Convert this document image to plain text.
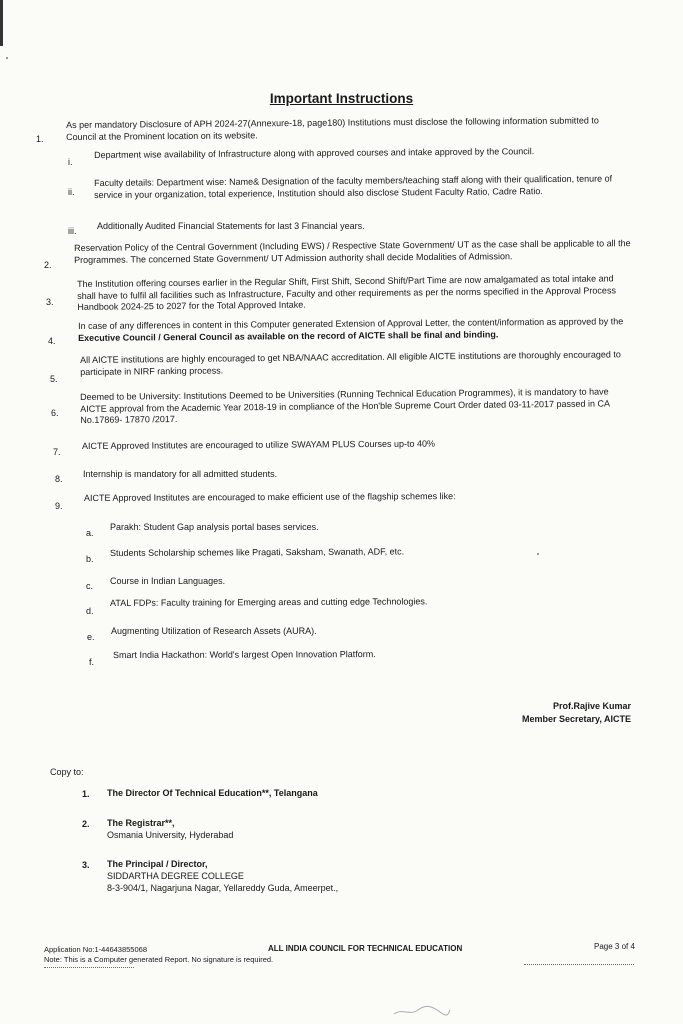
Important Instructions
1.
As per mandatory Disclosure of APH 2024-27(Annexure-18, page180) Institutions must disclose the following information submitted to Council at the Prominent location on its website.
i.
Department wise availability of Infrastructure along with approved courses and intake approved by the Council.
ii.
Faculty details: Department wise: Name& Designation of the faculty members/teaching staff along with their qualification, tenure of service in your organization, total experience, Institution should also disclose Student Faculty Ratio, Cadre Ratio.
iii. Additionally Audited Financial Statements for last 3 Financial years.
2.
Reservation Policy of the Central Government (Including EWS) / Respective State Government/ UT as the case shall be applicable to all the Programmes. The concerned State Government/ UT Admission authority shall decide Modalities of Admission.
3.
The Institution offering courses earlier in the Regular Shift, First Shift, Second Shift/Part Time are now amalgamated as total intake and shall have to fulfil all facilities such as Infrastructure, Faculty and other requirements as per the norms specified in the Approval Process Handbook 2024-25 to 2027 for the Total Approved Intake.
4.
In case of any differences in content in this Computer generated Extension of Approval Letter, the content/information as approved by the Executive Council / General Council as available on the record of AICTE shall be final and binding.
5.
All AICTE institutions are highly encouraged to get NBA/NAAC accreditation. All eligible AICTE institutions are thoroughly encouraged to participate in NIRF ranking process.
6.
Deemed to be University: Institutions Deemed to be Universities (Running Technical Education Programmes), it is mandatory to have AICTE approval from the Academic Year 2018-19 in compliance of the Hon'ble Supreme Court Order dated 03-11-2017 passed in CA No.17869- 17870 /2017.
7.
AICTE Approved Institutes are encouraged to utilize SWAYAM PLUS Courses up-to 40%
8. Internship is mandatory for all admitted students.
9.
AICTE Approved Institutes are encouraged to make efficient use of the flagship schemes like:
a.
Parakh: Student Gap analysis portal bases services.
b.
Students Scholarship schemes like Pragati, Saksham, Swanath, ADF, etc.
c. Course in Indian Languages.
d.
ATAL FDPs: Faculty training for Emerging areas and cutting edge Technologies.
e.
Augmenting Utilization of Research Assets (AURA).
f.
Smart India Hackathon: World's largest Open Innovation Platform.
Prof.Rajive Kumar
Member Secretary, AICTE
Copy to:
1. The Director Of Technical Education**, Telangana
2. The Registrar**,
Osmania University, Hyderabad
3. The Principal / Director,
SIDDARTHA DEGREE COLLEGE
8-3-904/1, Nagarjuna Nagar, Yellareddy Guda, Ameerpet.,
Application No:1-44643855068	ALL INDIA COUNCIL FOR TECHNICAL EDUCATION	Page 3 of 4
Note: This is a Computer generated Report. No signature is required.
